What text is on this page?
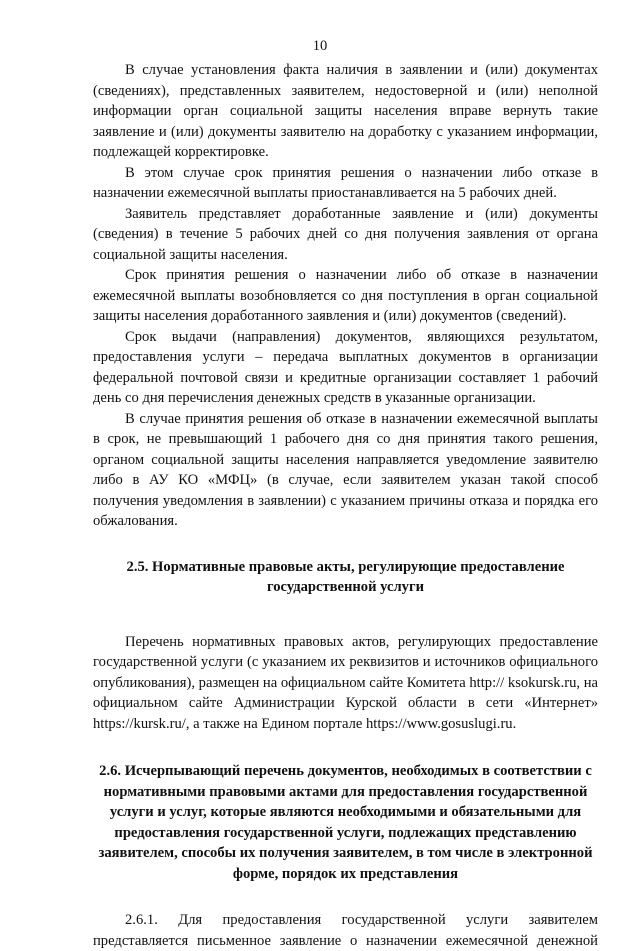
10

В случае установления факта наличия в заявлении и (или) документах (сведениях), представленных заявителем, недостоверной и (или) неполной информации орган социальной защиты населения вправе вернуть такие заявление и (или) документы заявителю на доработку с указанием информации, подлежащей корректировке.

В этом случае срок принятия решения о назначении либо отказе в назначении ежемесячной выплаты приостанавливается на 5 рабочих дней.

Заявитель представляет доработанные заявление и (или) документы (сведения) в течение 5 рабочих дней со дня получения заявления от органа социальной защиты населения.

Срок принятия решения о назначении либо об отказе в назначении ежемесячной выплаты возобновляется со дня поступления в орган социальной защиты населения доработанного заявления и (или) документов (сведений).

Срок выдачи (направления) документов, являющихся результатом, предоставления услуги – передача выплатных документов в организации федеральной почтовой связи и кредитные организации составляет 1 рабочий день со дня перечисления денежных средств в указанные организации.

В случае принятия решения об отказе в назначении ежемесячной выплаты в срок, не превышающий 1 рабочего дня со дня принятия такого решения, органом социальной защиты населения направляется уведомление заявителю либо в АУ КО «МФЦ» (в случае, если заявителем указан такой способ получения уведомления в заявлении) с указанием причины отказа и порядка его обжалования.

2.5. Нормативные правовые акты, регулирующие предоставление государственной услуги

Перечень нормативных правовых актов, регулирующих предоставление государственной услуги (с указанием их реквизитов и источников официального опубликования), размещен на официальном сайте Комитета http:// ksokursk.ru, на официальном сайте Администрации Курской области в сети «Интернет» https://kursk.ru/, а также на Едином портале https://www.gosuslugi.ru.

2.6. Исчерпывающий перечень документов, необходимых в соответствии с нормативными правовыми актами для предоставления государственной услуги и услуг, которые являются необходимыми и обязательными для предоставления государственной услуги, подлежащих представлению заявителем, способы их получения заявителем, в том числе в электронной форме, порядок их представления

2.6.1. Для предоставления государственной услуги заявителем представляется письменное заявление о назначении ежемесячной денежной
